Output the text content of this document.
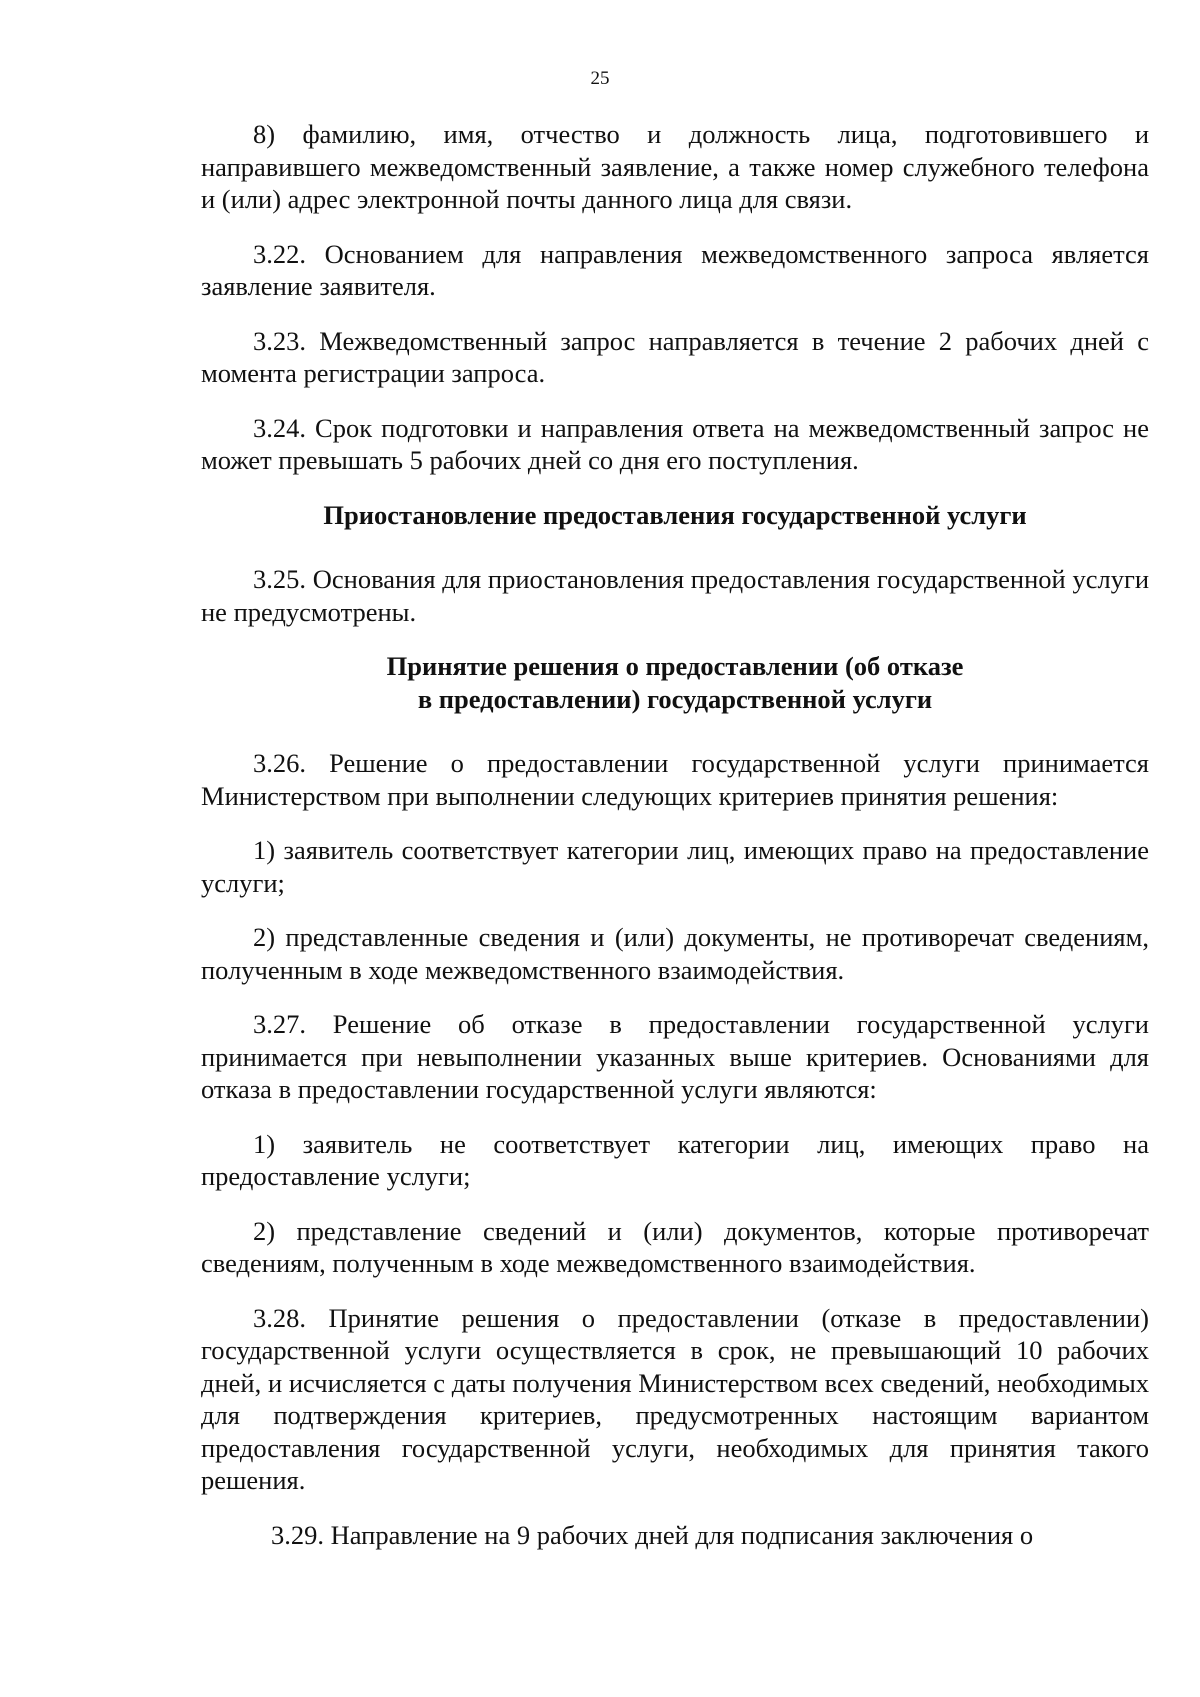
25

8) фамилию, имя, отчество и должность лица, подготовившего и направившего межведомственный заявление, а также номер служебного телефона и (или) адрес электронной почты данного лица для связи.

3.22. Основанием для направления межведомственного запроса является заявление заявителя.

3.23. Межведомственный запрос направляется в течение 2 рабочих дней с момента регистрации запроса.

3.24. Срок подготовки и направления ответа на межведомственный запрос не может превышать 5 рабочих дней со дня его поступления.

Приостановление предоставления государственной услуги

3.25. Основания для приостановления предоставления государственной услуги не предусмотрены.

Принятие решения о предоставлении (об отказе
в предоставлении) государственной услуги

3.26. Решение о предоставлении государственной услуги принимается Министерством при выполнении следующих критериев принятия решения:

1) заявитель соответствует категории лиц, имеющих право на предоставление услуги;

2) представленные сведения и (или) документы, не противоречат сведениям, полученным в ходе межведомственного взаимодействия.

3.27. Решение об отказе в предоставлении государственной услуги принимается при невыполнении указанных выше критериев. Основаниями для отказа в предоставлении государственной услуги являются:

1) заявитель не соответствует категории лиц, имеющих право на предоставление услуги;

2) представление сведений и (или) документов, которые противоречат сведениям, полученным в ходе межведомственного взаимодействия.

3.28. Принятие решения о предоставлении (отказе в предоставлении) государственной услуги осуществляется в срок, не превышающий 10 рабочих дней, и исчисляется с даты получения Министерством всех сведений, необходимых для подтверждения критериев, предусмотренных настоящим вариантом предоставления государственной услуги, необходимых для принятия такого решения.

3.29. Направление на 9 рабочих дней для подписания заключения о
